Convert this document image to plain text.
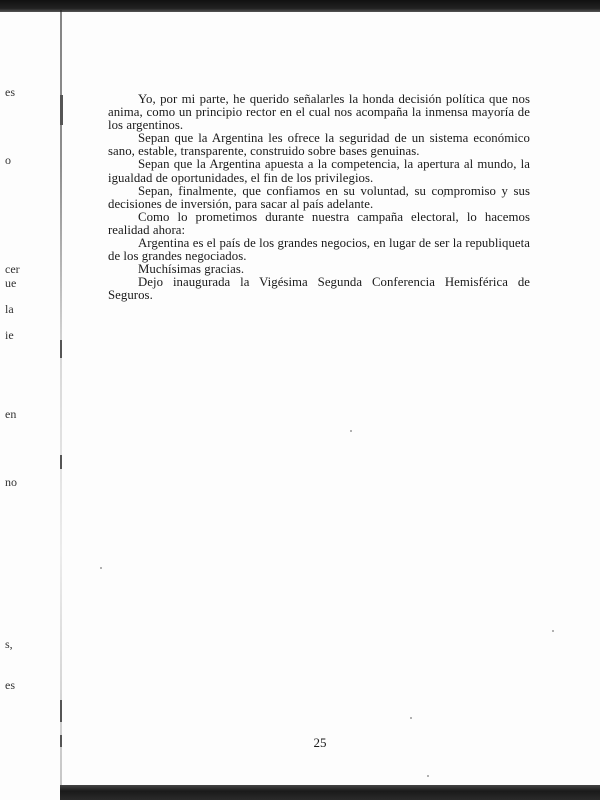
es
o
cer
ue
la
ie
en
no
s,
es

Yo, por mi parte, he querido señalarles la honda decisión política que nos anima, como un principio rector en el cual nos acompaña la inmensa mayoría de los argentinos.

Sepan que la Argentina les ofrece la seguridad de un sistema económico sano, estable, transparente, construido sobre bases genuinas.

Sepan que la Argentina apuesta a la competencia, la apertura al mundo, la igualdad de oportunidades, el fin de los privilegios.

Sepan, finalmente, que confiamos en su voluntad, su compromiso y sus decisiones de inversión, para sacar al país adelante.

Como lo prometimos durante nuestra campaña electoral, lo hacemos realidad ahora:

Argentina es el país de los grandes negocios, en lugar de ser la republiqueta de los grandes negociados.

Muchísimas gracias.

Dejo inaugurada la Vigésima Segunda Conferencia Hemisférica de Seguros.

25
